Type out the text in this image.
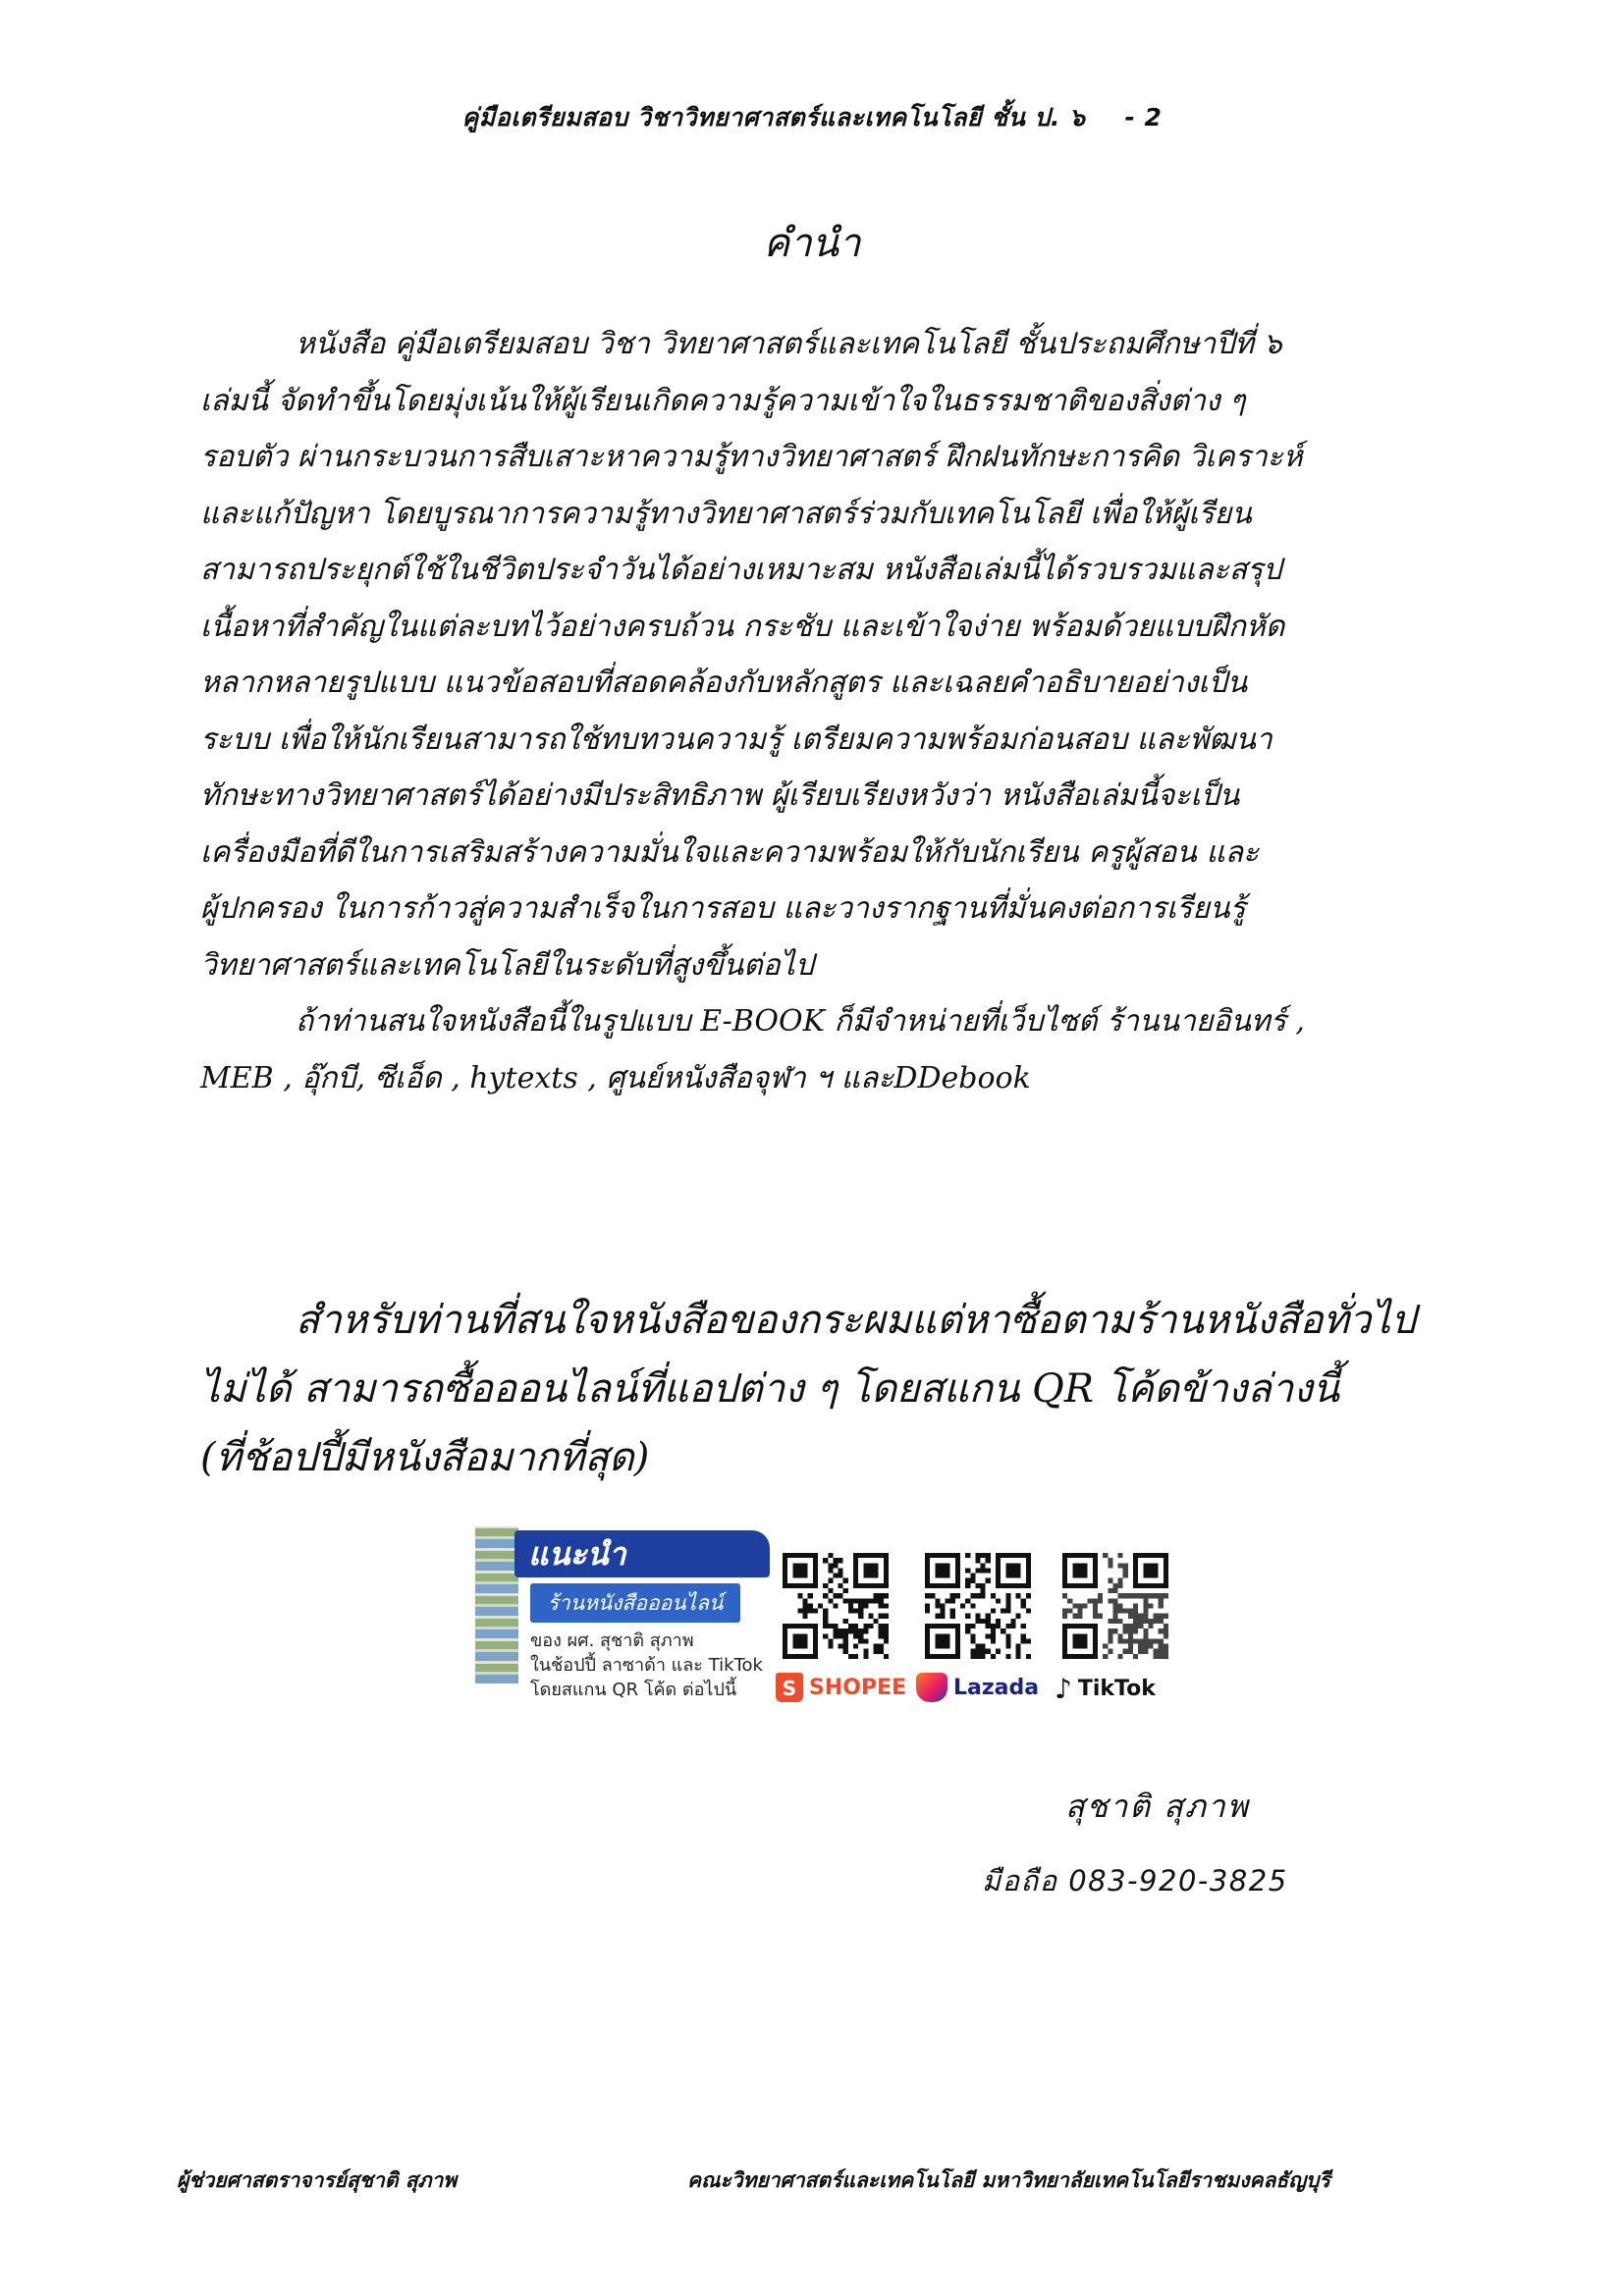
คู่มือเตรียมสอบ วิชาวิทยาศาสตร์และเทคโนโลยี ชั้น ป. ๖ - 2
คำนำ

หนังสือ คู่มือเตรียมสอบ วิชา วิทยาศาสตร์และเทคโนโลยี ชั้นประถมศึกษาปีที่ ๖

เล่มนี้ จัดทำขึ้นโดยมุ่งเน้นให้ผู้เรียนเกิดความรู้ความเข้าใจในธรรมชาติของสิ่งต่าง ๆ

รอบตัว ผ่านกระบวนการสืบเสาะหาความรู้ทางวิทยาศาสตร์ ฝึกฝนทักษะการคิด วิเคราะห์

และแก้ปัญหา โดยบูรณาการความรู้ทางวิทยาศาสตร์ร่วมกับเทคโนโลยี เพื่อให้ผู้เรียน

สามารถประยุกต์ใช้ในชีวิตประจำวันได้อย่างเหมาะสม หนังสือเล่มนี้ได้รวบรวมและสรุป

เนื้อหาที่สำคัญในแต่ละบทไว้อย่างครบถ้วน กระชับ และเข้าใจง่าย พร้อมด้วยแบบฝึกหัด

หลากหลายรูปแบบ แนวข้อสอบที่สอดคล้องกับหลักสูตร และเฉลยคำอธิบายอย่างเป็น

ระบบ เพื่อให้นักเรียนสามารถใช้ทบทวนความรู้ เตรียมความพร้อมก่อนสอบ และพัฒนา

ทักษะทางวิทยาศาสตร์ได้อย่างมีประสิทธิภาพ ผู้เรียบเรียงหวังว่า หนังสือเล่มนี้จะเป็น

เครื่องมือที่ดีในการเสริมสร้างความมั่นใจและความพร้อมให้กับนักเรียน ครูผู้สอน และ

ผู้ปกครอง ในการก้าวสู่ความสำเร็จในการสอบ และวางรากฐานที่มั่นคงต่อการเรียนรู้

วิทยาศาสตร์และเทคโนโลยีในระดับที่สูงขึ้นต่อไป

ถ้าท่านสนใจหนังสือนี้ในรูปแบบ E-BOOK ก็มีจำหน่ายที่เว็บไซต์ ร้านนายอินทร์ ,

MEB , อุ๊กบี, ซีเอ็ด , hytexts , ศูนย์หนังสือจุฬา ฯ และDDebook

สำหรับท่านที่สนใจหนังสือของกระผมแต่หาซื้อตามร้านหนังสือทั่วไป

ไม่ได้ สามารถซื้อออนไลน์ที่แอปต่าง ๆ โดยสแกน QR โค้ดข้างล่างนี้

(ที่ช้อปปี้มีหนังสือมากที่สุด)

แนะนำ
ร้านหนังสือออนไลน์
ของ ผศ. สุชาติ สุภาพ
ในช้อปปี้ ลาซาด้า และ TikTok
โดยสแกน QR โค้ด ต่อไปนี้	S SHOPEE Lazada ♪ TikTok
สุชาติ สุภาพ
มือถือ 083-920-3825
ผู้ช่วยศาสตราจารย์สุชาติ สุภาพ	คณะวิทยาศาสตร์และเทคโนโลยี มหาวิทยาลัยเทคโนโลยีราชมงคลธัญบุรี
